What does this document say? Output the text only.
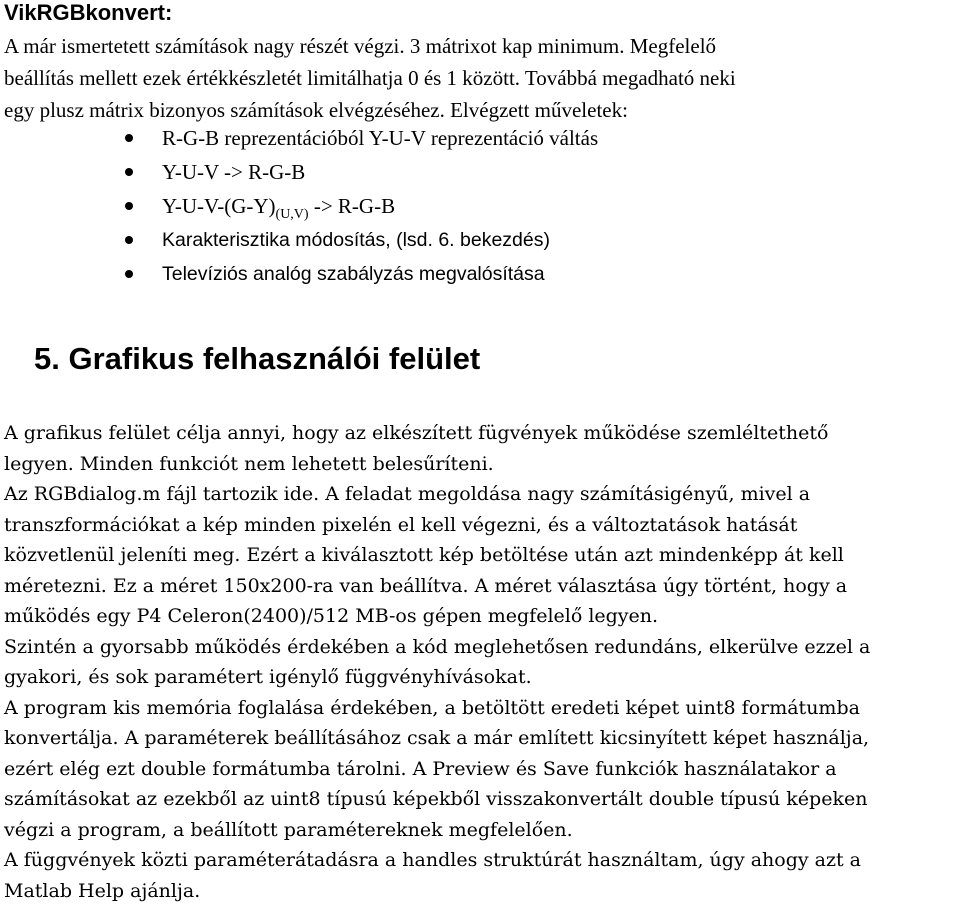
VikRGBkonvert:
A már ismertetett számítások nagy részét végzi. 3 mátrixot kap minimum. Megfelelő
beállítás mellett ezek értékkészletét limitálhatja 0 és 1 között. Továbbá megadható neki
egy plusz mátrix bizonyos számítások elvégzéséhez. Elvégzett műveletek:
R-G-B reprezentációból Y-U-V reprezentáció váltás
Y-U-V -> R-G-B
$Y-U-V-(G-Y)_{(U,V)} -> R-G-B$
Karakterisztika módosítás, (lsd. 6. bekezdés)
Televíziós analóg szabályzás megvalósítása
5. Grafikus felhasználói felület
A grafikus felület célja annyi, hogy az elkészített fügvények működése szemléltethető
legyen. Minden funkciót nem lehetett belesűríteni.
Az RGBdialog.m fájl tartozik ide. A feladat megoldása nagy számításigényű, mivel a
transzformációkat a kép minden pixelén el kell végezni, és a változtatások hatását
közvetlenül jeleníti meg. Ezért a kiválasztott kép betöltése után azt mindenképp át kell
méretezni. Ez a méret 150x200-ra van beállítva. A méret választása úgy történt, hogy a
működés egy P4 Celeron(2400)/512 MB-os gépen megfelelő legyen.
Szintén a gyorsabb működés érdekében a kód meglehetősen redundáns, elkerülve ezzel a
gyakori, és sok paramétert igénylő függvényhívásokat.
A program kis memória foglalása érdekében, a betöltött eredeti képet uint8 formátumba
konvertálja. A paraméterek beállításához csak a már említett kicsinyített képet használja,
ezért elég ezt double formátumba tárolni. A Preview és Save funkciók használatakor a
számításokat az ezekből az uint8 típusú képekből visszakonvertált double típusú képeken
végzi a program, a beállított paramétereknek megfelelően.
A függvények közti paraméterátadásra a handles struktúrát használtam, úgy ahogy azt a
Matlab Help ajánlja.
